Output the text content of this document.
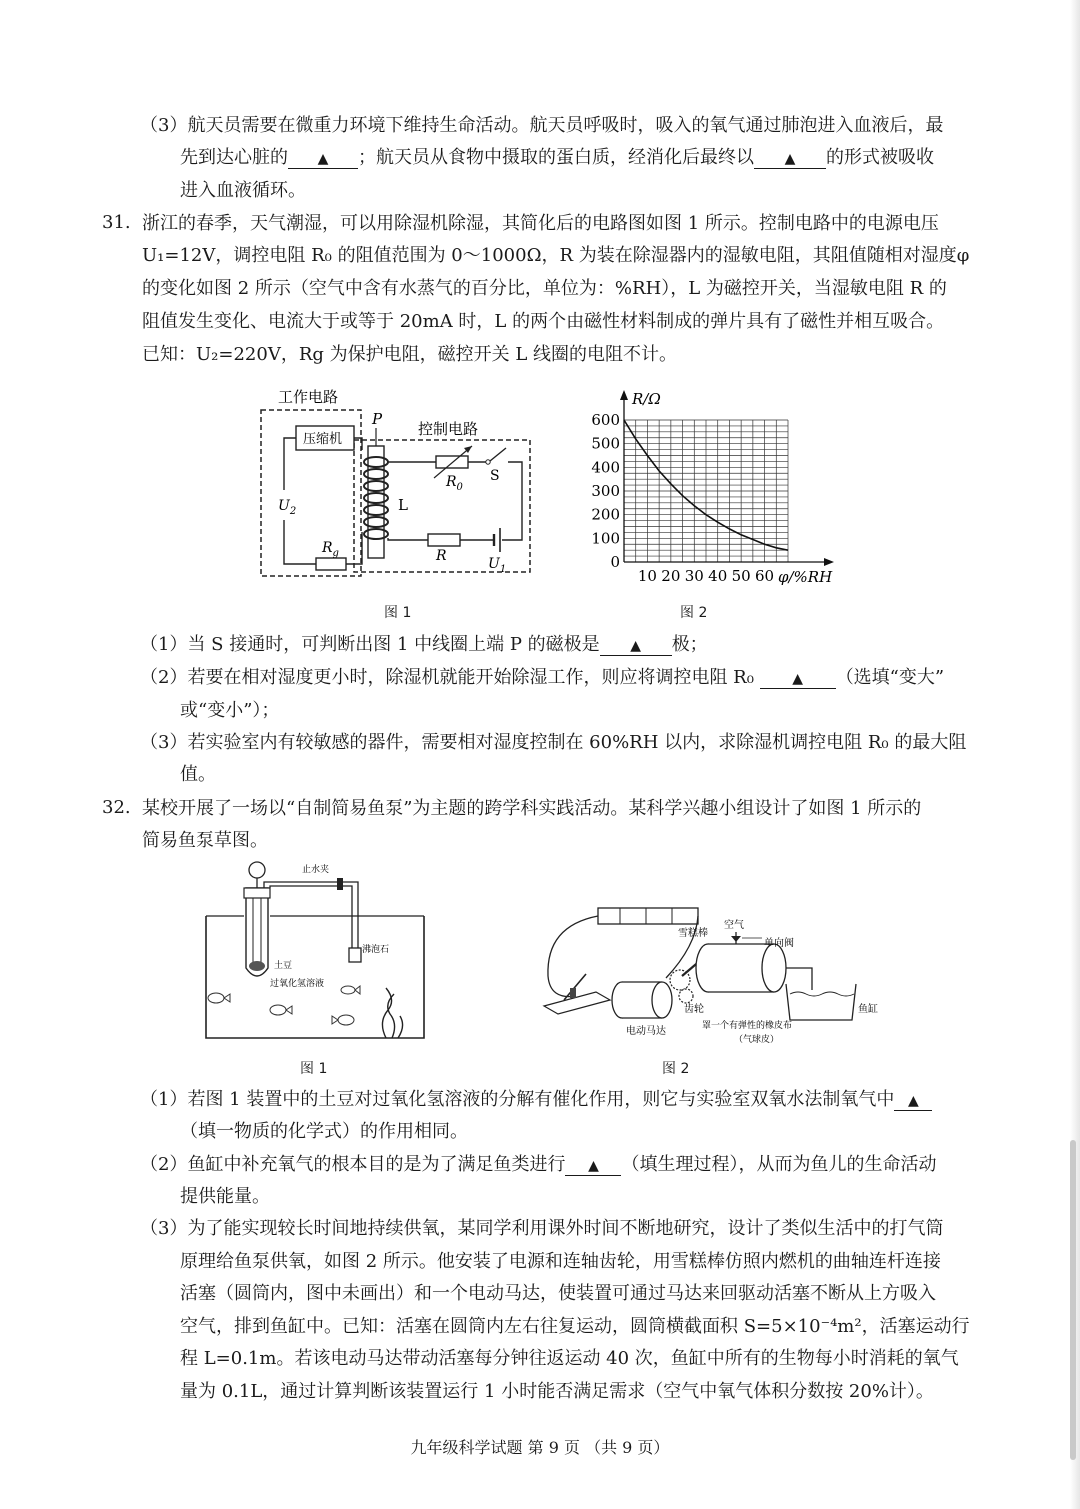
（3）航天员需要在微重力环境下维持生命活动。航天员呼吸时，吸入的氧气通过肺泡进入血液后，最
先到达心脏的 ▲ ；航天员从食物中摄取的蛋白质，经消化后最终以 ▲ 的形式被吸收
进入血液循环。
31. 浙江的春季，天气潮湿，可以用除湿机除湿，其简化后的电路图如图 1 所示。控制电路中的电源电压
U₁=12V，调控电阻 R₀ 的阻值范围为 0～1000Ω，R 为装在除湿器内的湿敏电阻，其阻值随相对湿度φ
的变化如图 2 所示（空气中含有水蒸气的百分比，单位为：%RH），L 为磁控开关，当湿敏电阻 R 的
阻值发生变化、电流大于或等于 20mA 时，L 的两个由磁性材料制成的弹片具有了磁性并相互吸合。
已知：U₂=220V，Rg 为保护电阻，磁控开关 L 线圈的电阻不计。
工作电路
控制电路
压缩机
$U_2$
$R_g$
P
L
$R_0$
S
$U_1$
R
图 1
0
100
200
300
400
500
600
10 20 30 40 50 60
R/Ω
φ/%RH
图 2
（1）当 S 接通时，可判断出图 1 中线圈上端 P 的磁极是 ▲ 极；
（2）若要在相对湿度更小时，除湿机就能开始除湿工作，则应将调控电阻 R₀	▲ （选填“变大”
或“变小”）；
（3）若实验室内有较敏感的器件，需要相对湿度控制在 60%RH 以内，求除湿机调控电阻 R₀ 的最大阻
值。
32. 某校开展了一场以“自制简易鱼泵”为主题的跨学科实践活动。某科学兴趣小组设计了如图 1 所示的
简易鱼泵草图。
止水夹
沸泡石
土豆
过氧化氢溶液
图 1
电动马达
齿轮
雪糕棒
空气
单向阀
鱼缸
罩一个有弹性的橡皮布
（气球皮）
图 2
（1）若图 1 装置中的土豆对过氧化氢溶液的分解有催化作用，则它与实验室双氧水法制氧气中 ▲
（填一物质的化学式）的作用相同。
（2）鱼缸中补充氧气的根本目的是为了满足鱼类进行 ▲ （填生理过程），从而为鱼儿的生命活动
提供能量。
（3）为了能实现较长时间地持续供氧，某同学利用课外时间不断地研究，设计了类似生活中的打气筒
原理给鱼泵供氧，如图 2 所示。他安装了电源和连轴齿轮，用雪糕棒仿照内燃机的曲轴连杆连接
活塞（圆筒内，图中未画出）和一个电动马达，使装置可通过马达来回驱动活塞不断从上方吸入
空气，排到鱼缸中。已知：活塞在圆筒内左右往复运动，圆筒横截面积 S=5×10⁻⁴m²，活塞运动行
程 L=0.1m。若该电动马达带动活塞每分钟往返运动 40 次，鱼缸中所有的生物每小时消耗的氧气
量为 0.1L，通过计算判断该装置运行 1 小时能否满足需求（空气中氧气体积分数按 20%计）。
九年级科学试题 第 9 页 （共 9 页）
